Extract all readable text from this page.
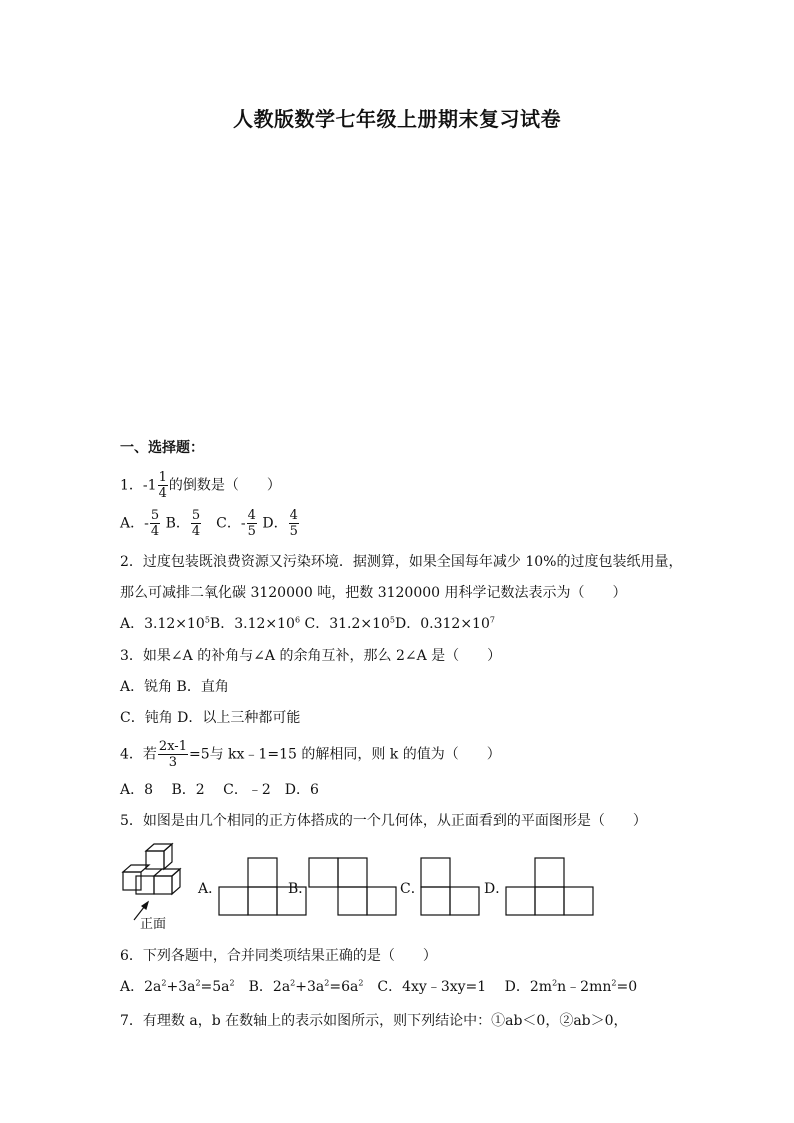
人教版数学七年级上册期末复习试卷
一、选择题：
1．$-1 \frac{1}{4}$ 的倒数是（　　）
A．- $\frac{5}{4}$ B． $\frac{5}{4}$ 　C．- $\frac{4}{5}$ D． $\frac{4}{5}$
2．过度包装既浪费资源又污染环境．据测算，如果全国每年减少 10%的过度包装纸用量，
那么可减排二氧化碳 3120000 吨，把数 3120000 用科学记数法表示为（　　）
A．$3.12\times 10^5B$．$3.12\times 10^6$ C．$31.2\times 10^5D$．$0.312\times 10^7$
3．如果∠A 的补角与∠A 的余角互补，那么 2∠A 是（　　）
A．锐角 B．直角
C．钝角 D．以上三种都可能
4．若 $\frac{2x-1}{3} =5$与 kx﹣1=15 的解相同，则 k 的值为（　　）
A．8　 B．2　 C．﹣2　D．6
5．如图是由几个相同的正方体搭成的一个几何体，从正面看到的平面图形是（　　）
正面
A．	B．	C．	D．
6．下列各题中，合并同类项结果正确的是（　　）
A．$2a^2+3a^2=5a^2$　B．$2a^2+3a^2=6a^2$　C．4xy﹣3xy=1　 D．$2m^2n﹣2mn^2=0$
7．有理数 a，b 在数轴上的表示如图所示，则下列结论中：①ab＜0，②ab＞0，
